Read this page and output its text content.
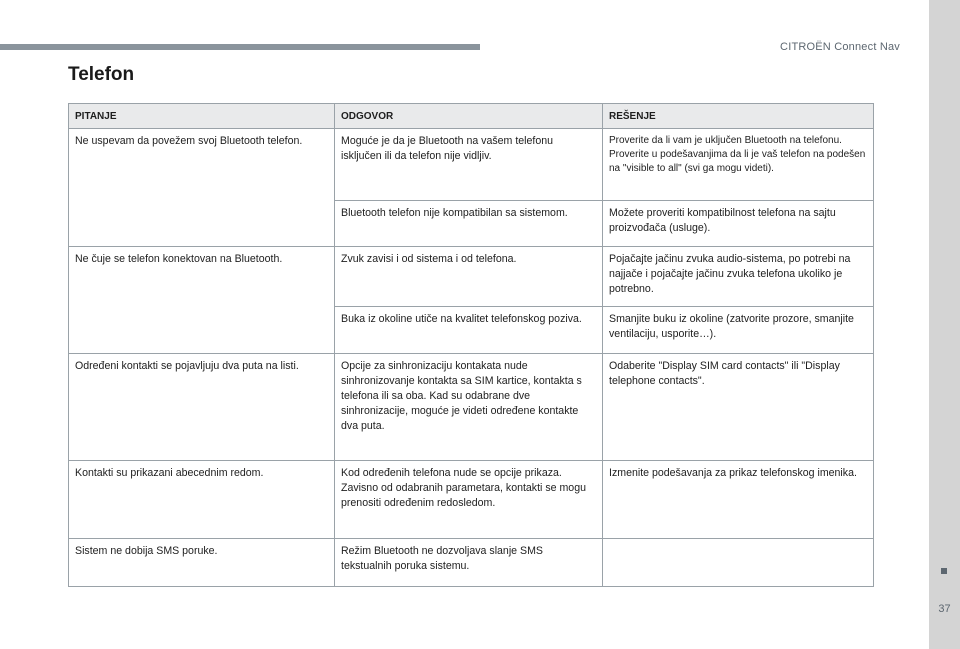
CITROËN Connect Nav
37
Telefon
PITANJE	ODGOVOR	REŠENJE
Ne uspevam da povežem svoj Bluetooth telefon.	Moguće je da je Bluetooth na vašem telefonu isključen ili da telefon nije vidljiv.	Proverite da li vam je uključen Bluetooth na telefonu.
Proverite u podešavanjima da li je vaš telefon na podešen na "visible to all" (svi ga mogu videti).

	Bluetooth telefon nije kompatibilan sa sistemom.	Možete proveriti kompatibilnost telefona na sajtu proizvođača (usluge).
Ne čuje se telefon konektovan na Bluetooth.	Zvuk zavisi i od sistema i od telefona.	Pojačajte jačinu zvuka audio-sistema, po potrebi na najjače i pojačajte jačinu zvuka telefona ukoliko je potrebno.
	Buka iz okoline utiče na kvalitet telefonskog poziva.	Smanjite buku iz okoline (zatvorite prozore, smanjite ventilaciju, usporite…).
Određeni kontakti se pojavljuju dva puta na listi.	Opcije za sinhronizaciju kontakata nude sinhronizovanje kontakta sa SIM kartice, kontakta s telefona ili sa oba. Kad su odabrane dve sinhronizacije, moguće je videti određene kontakte dva puta.	Odaberite "Display SIM card contacts" ili "Display telephone contacts".
Kontakti su prikazani abecednim redom.	Kod određenih telefona nude se opcije prikaza. Zavisno od odabranih parametara, kontakti se mogu prenositi određenim redosledom.	Izmenite podešavanja za prikaz telefonskog imenika.
Sistem ne dobija SMS poruke.	Režim Bluetooth ne dozvoljava slanje SMS tekstualnih poruka sistemu.	
